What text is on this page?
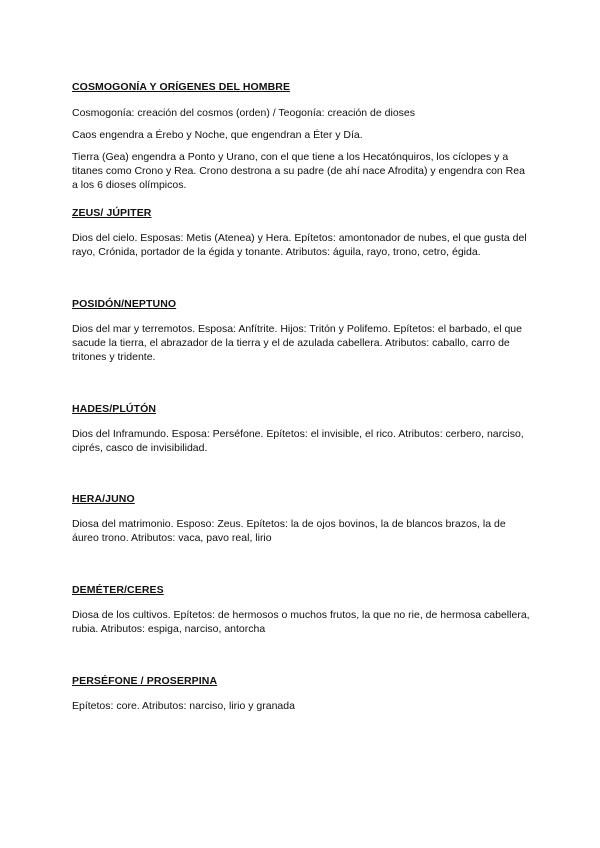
COSMOGONÍA Y ORÍGENES DEL HOMBRE

Cosmogonía: creación del cosmos (orden) / Teogonía: creación de dioses

Caos engendra a Érebo y Noche, que engendran a Éter y Día.

Tierra (Gea) engendra a Ponto y Urano, con el que tiene a los Hecatónquiros, los cíclopes y a titanes como Crono y Rea. Crono destrona a su padre (de ahí nace Afrodita) y engendra con Rea a los 6 dioses olímpicos.

ZEUS/ JÚPITER

Dios del cielo. Esposas: Metis (Atenea) y Hera. Epítetos: amontonador de nubes, el que gusta del rayo, Crónida, portador de la égida y tonante. Atributos: águila, rayo, trono, cetro, égida.

POSIDÓN/NEPTUNO

Dios del mar y terremotos. Esposa: Anfítrite. Hijos: Tritón y Polifemo. Epítetos: el barbado, el que sacude la tierra, el abrazador de la tierra y el de azulada cabellera. Atributos: caballo, carro de tritones y tridente.

HADES/PLÚTÓN

Dios del Inframundo. Esposa: Perséfone. Epítetos: el invisible, el rico. Atributos: cerbero, narciso, ciprés, casco de invisibilidad.

HERA/JUNO

Diosa del matrimonio. Esposo: Zeus. Epítetos: la de ojos bovinos, la de blancos brazos, la de áureo trono. Atributos: vaca, pavo real, lirio

DEMÉTER/CERES

Diosa de los cultivos. Epítetos: de hermosos o muchos frutos, la que no rie, de hermosa cabellera, rubia. Atributos: espiga, narciso, antorcha

PERSÉFONE / PROSERPINA

Epítetos: core. Atributos: narciso, lirio y granada
